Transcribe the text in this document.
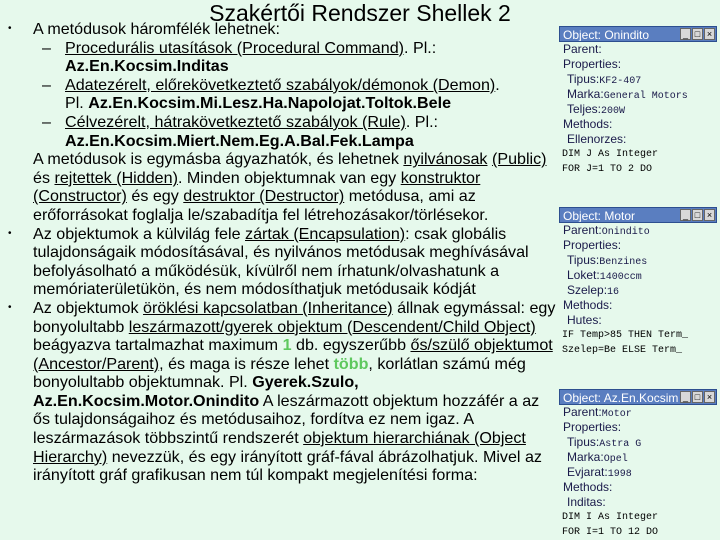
Szakértői Rendszer Shellek 2
• A metódusok háromfélék lehetnek:
– Procedurális utasítások (Procedural Command). Pl.:
Az.En.Kocsim.Inditas
– Adatezérelt, előrekövetkeztető szabályok/démonok (Demon).
Pl. Az.En.Kocsim.Mi.Lesz.Ha.Napolojat.Toltok.Bele
– Célvezérelt, hátrakövetkeztető szabályok (Rule). Pl.:
Az.En.Kocsim.Miert.Nem.Eg.A.Bal.Fek.Lampa
A metódusok is egymásba ágyazhatók, és lehetnek nyilvánosak (Public) és rejtettek (Hidden). Minden objektumnak van egy konstruktor (Constructor) és egy destruktor (Destructor) metódusa, ami az erőforrásokat foglalja le/szabadítja fel létrehozásakor/törlésekor.
• Az objektumok a külvilág fele zártak (Encapsulation): csak globális tulajdonságaik módosításával, és nyilvános metódusak meghívásával befolyásolható a működésük, kívülről nem írhatunk/olvashatunk a memóriaterületükön, és nem módosíthatjuk metódusaik kódját
• Az objektumok öröklési kapcsolatban (Inheritance) állnak egymással: egy bonyolultabb leszármazott/gyerek objektum (Descendent/Child Object) beágyazva tartalmazhat maximum 1 db. egyszerűbb ős/szülő objektumot (Ancestor/Parent), és maga is része lehet több, korlátlan számú még bonyolultabb objektumnak. Pl. Gyerek.Szulo, Az.En.Kocsim.Motor.Onindito A leszármazott objektum hozzáfér a az ős tulajdonságaihoz és metódusaihoz, fordítva ez nem igaz. A leszármazások többszintű rendszerét objektum hierarchiának (Object Hierarchy) nevezzük, és egy irányított gráf-fával ábrázolhatjuk. Mivel az irányított gráf grafikusan nem túl kompakt megjelenítési forma:
Object: Onindito	_ □ ×
Parent:
Properties:
Tipus:KF2-407
Marka:General Motors
Teljes:200W
Methods:
Ellenorzes:
DIM J As Integer
FOR J=1 TO 2 DO
Object: Motor	_ □ ×
Parent:Onindito
Properties:
Tipus:Benzines
Loket:1400ccm
Szelep:16
Methods:
Hutes:
IF Temp>85 THEN Term_
Szelep=Be ELSE Term_
Object: Az.En.Kocsim _ □ ×
Parent:Motor
Properties:
Tipus:Astra G
Marka:Opel
Evjarat:1998
Methods:
Inditas:
DIM I As Integer
FOR I=1 TO 12 DO
